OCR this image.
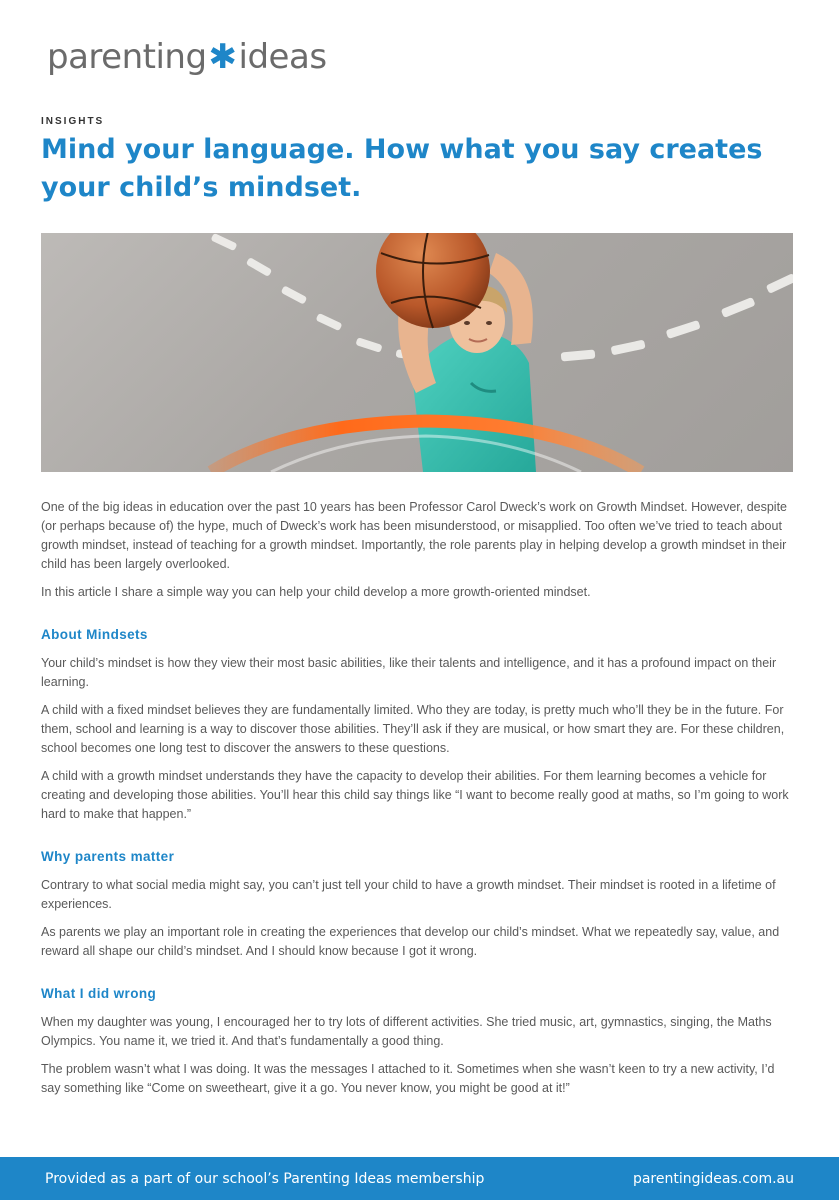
parenting ✱ ideas
INSIGHTS
Mind your language. How what you say creates your child’s mindset.

One of the big ideas in education over the past 10 years has been Professor Carol Dweck’s work on Growth Mindset. However, despite (or perhaps because of) the hype, much of Dweck’s work has been misunderstood, or misapplied. Too often we’ve tried to teach about growth mindset, instead of teaching for a growth mindset. Importantly, the role parents play in helping develop a growth mindset in their child has been largely overlooked.

In this article I share a simple way you can help your child develop a more growth-oriented mindset.

About Mindsets

Your child’s mindset is how they view their most basic abilities, like their talents and intelligence, and it has a profound impact on their learning.

A child with a fixed mindset believes they are fundamentally limited. Who they are today, is pretty much who’ll they be in the future. For them, school and learning is a way to discover those abilities. They’ll ask if they are musical, or how smart they are. For these children, school becomes one long test to discover the answers to these questions.

A child with a growth mindset understands they have the capacity to develop their abilities. For them learning becomes a vehicle for creating and developing those abilities. You’ll hear this child say things like “I want to become really good at maths, so I’m going to work hard to make that happen.”

Why parents matter

Contrary to what social media might say, you can’t just tell your child to have a growth mindset. Their mindset is rooted in a lifetime of experiences.

As parents we play an important role in creating the experiences that develop our child’s mindset. What we repeatedly say, value, and reward all shape our child’s mindset. And I should know because I got it wrong.

What I did wrong

When my daughter was young, I encouraged her to try lots of different activities. She tried music, art, gymnastics, singing, the Maths Olympics. You name it, we tried it. And that’s fundamentally a good thing.

The problem wasn’t what I was doing. It was the messages I attached to it. Sometimes when she wasn’t keen to try a new activity, I’d say something like “Come on sweetheart, give it a go. You never know, you might be good at it!”

Provided as a part of our school’s Parenting Ideas membership	parentingideas.com.au
